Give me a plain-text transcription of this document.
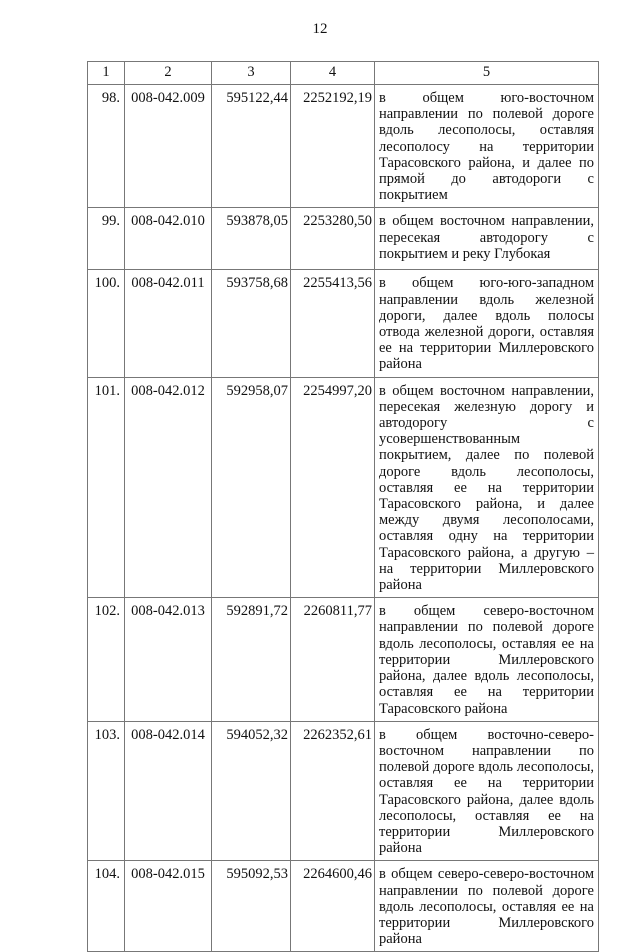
12
1	2	3	4	5
98.	008-042.009	595122,44	2252192,19	в общем юго-восточном направлении по полевой дороге вдоль лесополосы, оставляя лесополосу на территории Тарасовского района, и далее по прямой до автодороги с покрытием
99.	008-042.010	593878,05	2253280,50	в общем восточном направлении, пересекая автодорогу с покрытием и реку Глубокая
100.	008-042.011	593758,68	2255413,56	в общем юго-юго-западном направлении вдоль железной дороги, далее вдоль полосы отвода железной дороги, оставляя ее на территории Миллеровского района
101.	008-042.012	592958,07	2254997,20	в общем восточном направлении, пересекая железную дорогу и автодорогу с усовершенствованным покрытием, далее по полевой дороге вдоль лесополосы, оставляя ее на территории Тарасовского района, и далее между двумя лесополосами, оставляя одну на территории Тарасовского района, а другую – на территории Миллеровского района
102.	008-042.013	592891,72	2260811,77	в общем северо-восточном направлении по полевой дороге вдоль лесополосы, оставляя ее на территории Миллеровского района, далее вдоль лесополосы, оставляя ее на территории Тарасовского района
103.	008-042.014	594052,32	2262352,61	в общем восточно-северо-восточном направлении по полевой дороге вдоль лесополосы, оставляя ее на территории Тарасовского района, далее вдоль лесополосы, оставляя ее на территории Миллеровского района
104.	008-042.015	595092,53	2264600,46	в общем северо-северо-восточном направлении по полевой дороге вдоль лесополосы, оставляя ее на территории Миллеровского района
